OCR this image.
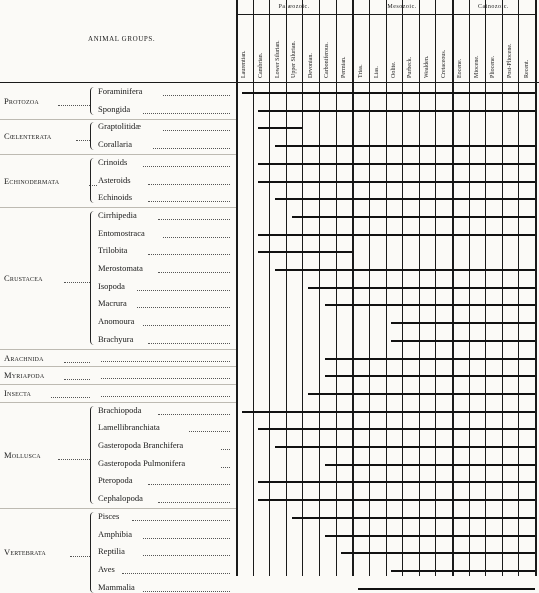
ANIMAL GROUPS.
Palæozoic.	Mesozoic.	Cainozoic.
Laurentian. Cambrian. Lower Silurian. Upper Silurian. Devonian. Carboniferous. Permian. Trias. Lias. Oolite. Purbeck. Wealden. Cretaceous. Eocene. Miocene. Pliocene. Post-Pliocene. Recent.
Protozoa
Foraminifera
Spongida
Cœlenterata
Graptolitidæ
Corallaria
Echinodermata
Crinoids
Asteroids
Echinoids
Crustacea
Cirrhipedia
Entomostraca
Trilobita
Merostomata
Isopoda
Macrura
Anomoura
Brachyura
Arachnida
Myriapoda
Insecta
Mollusca
Brachiopoda
Lamellibranchiata
Gasteropoda Branchifera
Gasteropoda Pulmonifera
Pteropoda
Cephalopoda
Vertebrata
Pisces
Amphibia
Reptilia
Aves
Mammalia
